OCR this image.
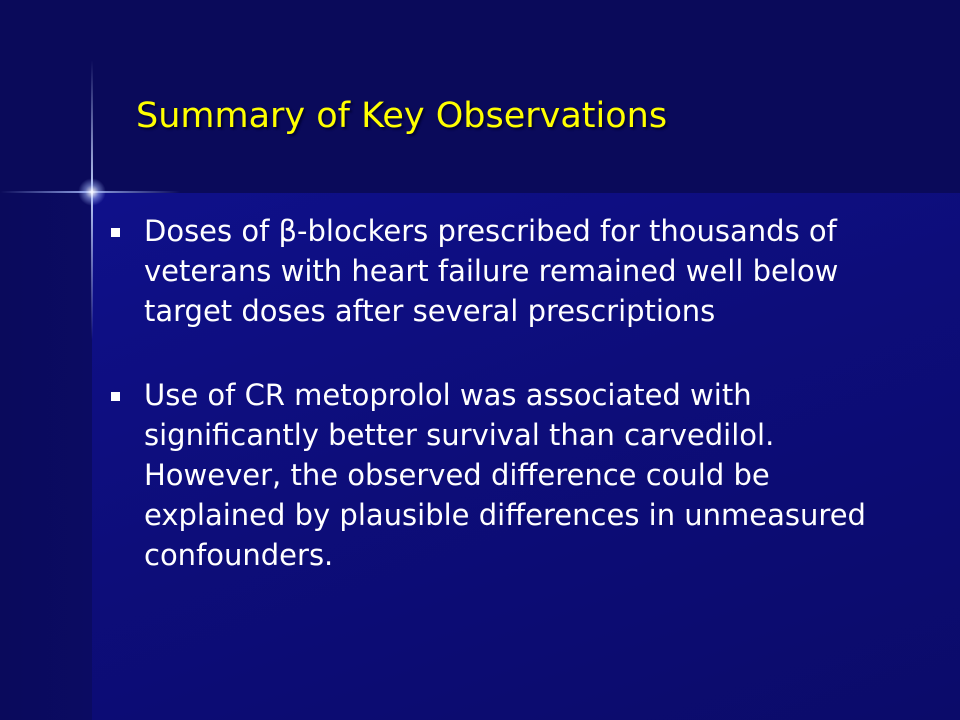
Summary of Key Observations
Doses of β-blockers prescribed for thousands of veterans with heart failure remained well below target doses after several prescriptions
Use of CR metoprolol was associated with significantly better survival than carvedilol. However, the observed difference could be explained by plausible differences in unmeasured confounders.
